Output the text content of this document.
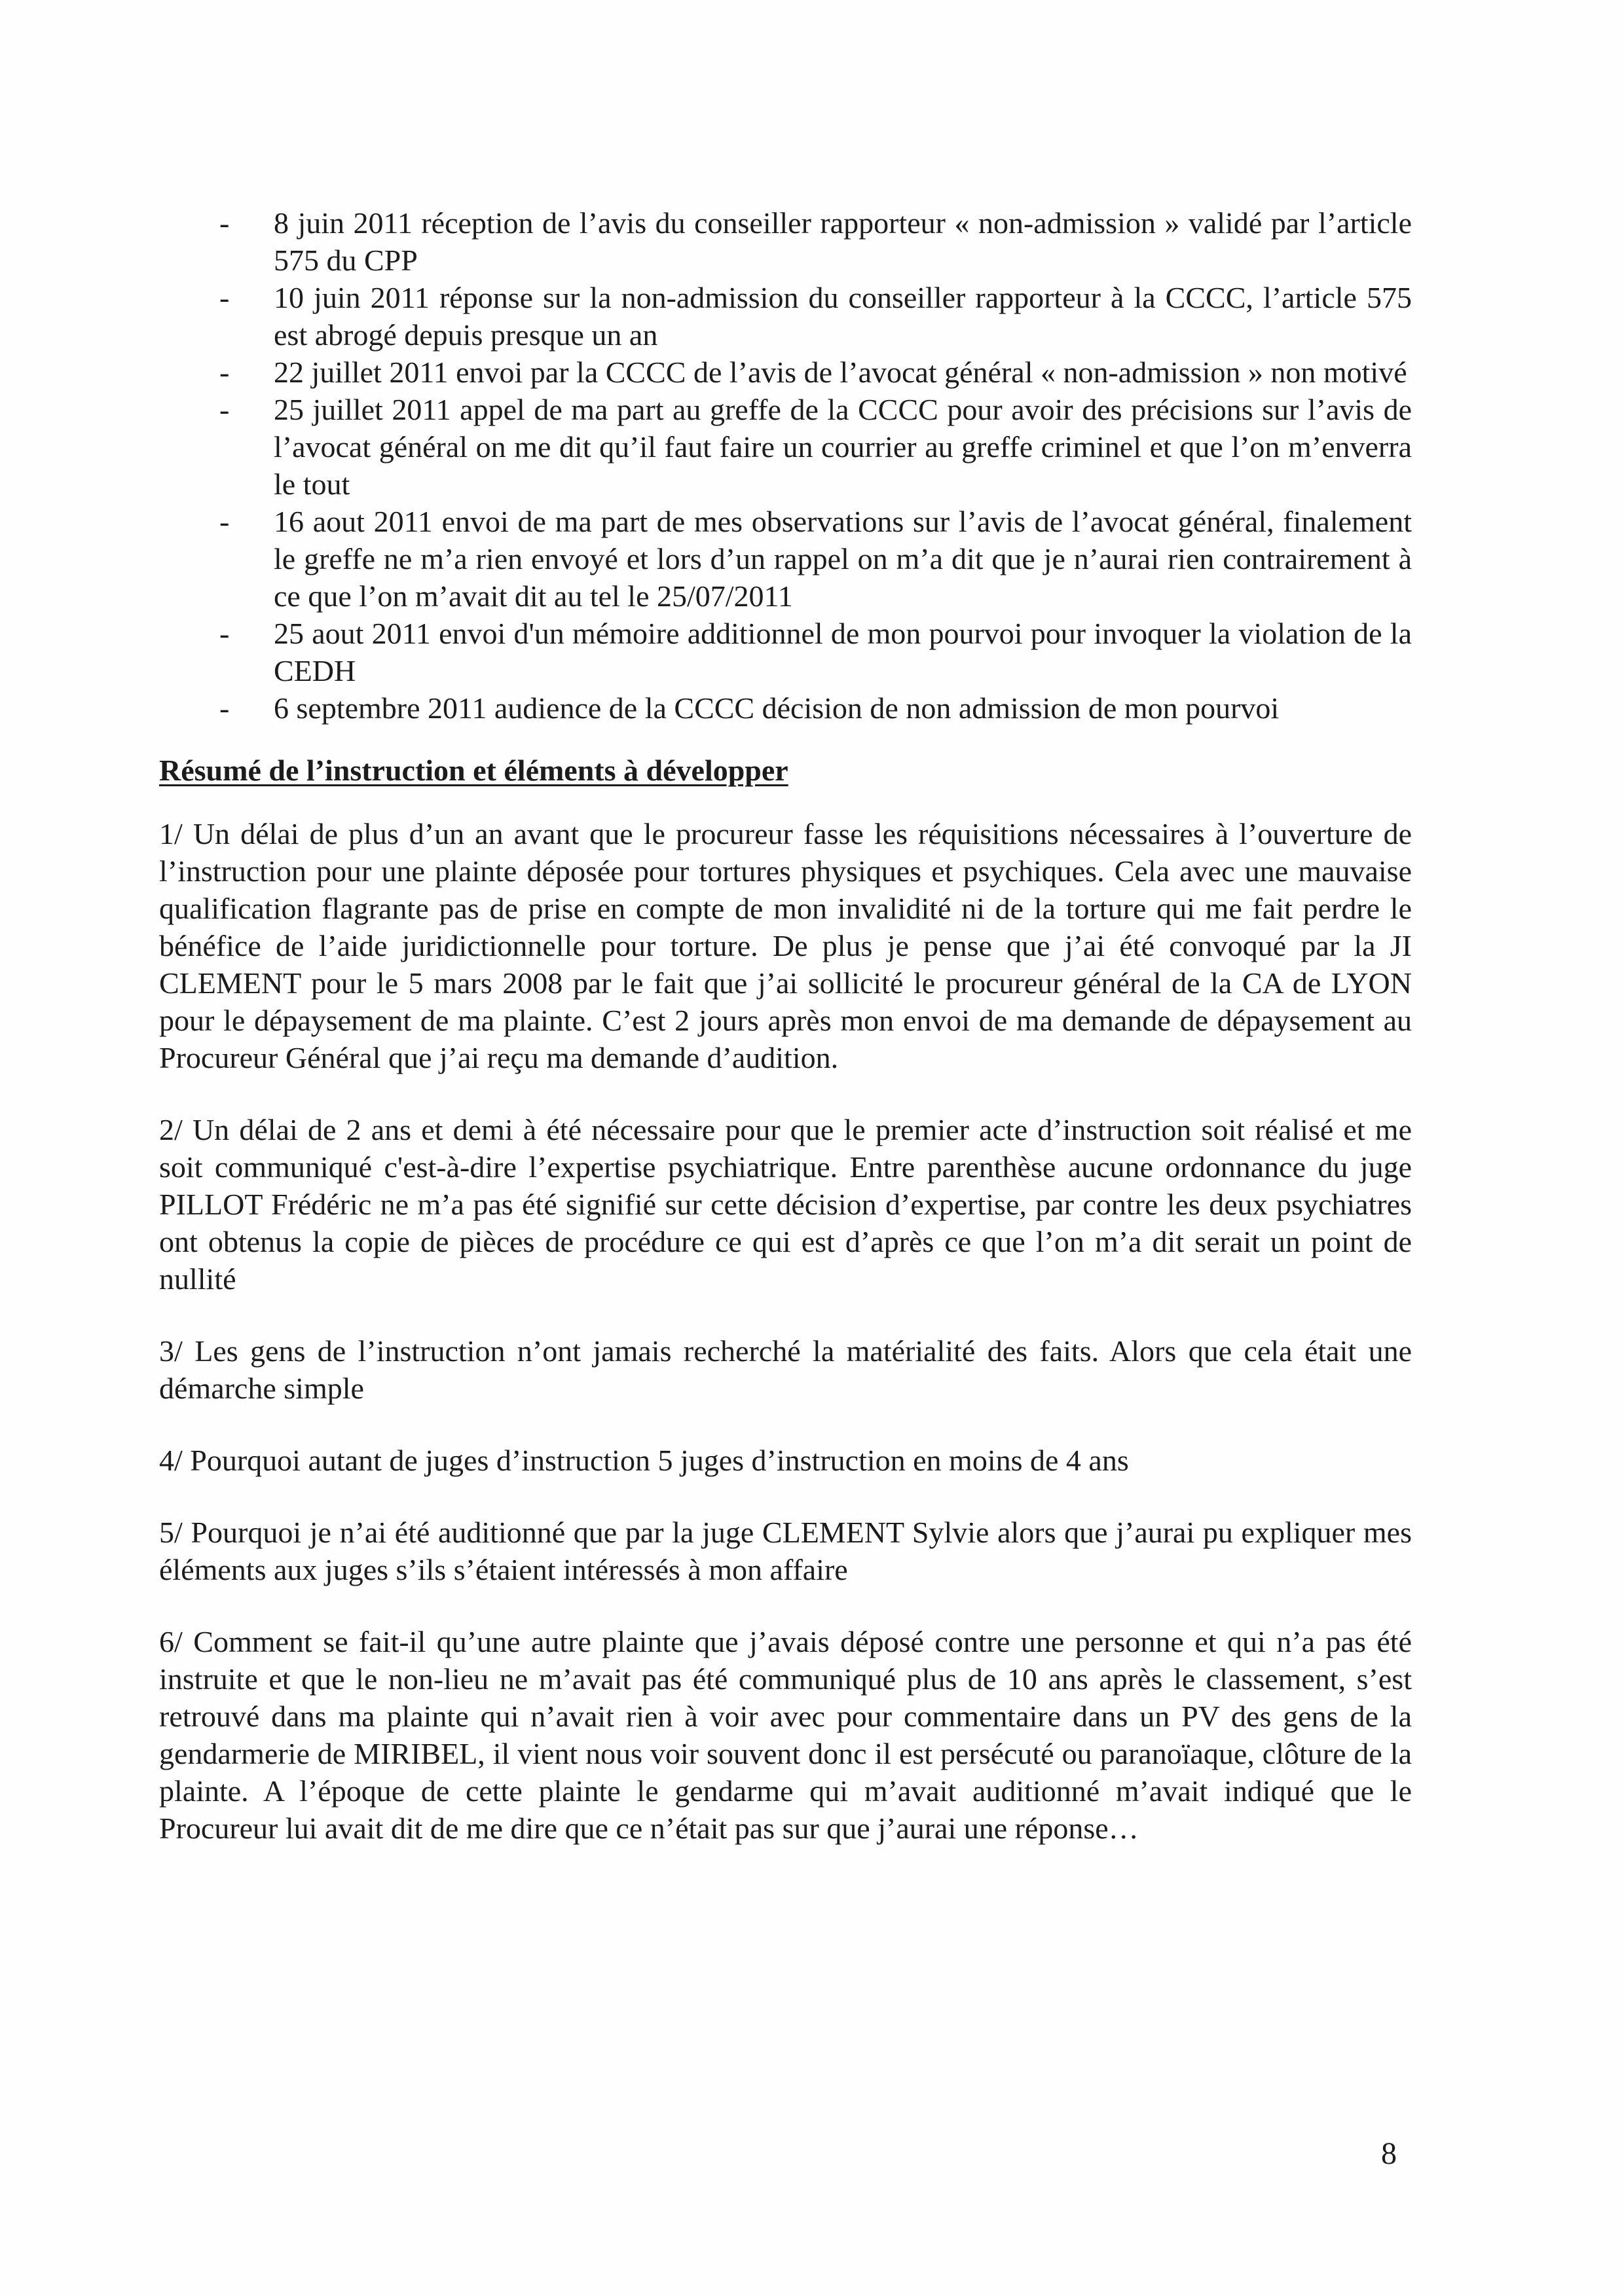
- 8 juin 2011 réception de l’avis du conseiller rapporteur « non-admission » validé par l’article 575 du CPP
- 10 juin 2011 réponse sur la non-admission du conseiller rapporteur à la CCCC, l’article 575 est abrogé depuis presque un an
- 22 juillet 2011 envoi par la CCCC de l’avis de l’avocat général « non-admission » non motivé
- 25 juillet 2011 appel de ma part au greffe de la CCCC pour avoir des précisions sur l’avis de l’avocat général on me dit qu’il faut faire un courrier au greffe criminel et que l’on m’enverra le tout
- 16 aout 2011 envoi de ma part de mes observations sur l’avis de l’avocat général, finalement le greffe ne m’a rien envoyé et lors d’un rappel on m’a dit que je n’aurai rien contrairement à ce que l’on m’avait dit au tel le 25/07/2011
- 25 aout 2011 envoi d'un mémoire additionnel de mon pourvoi pour invoquer la violation de la CEDH
- 6 septembre 2011 audience de la CCCC décision de non admission de mon pourvoi
Résumé de l’instruction et éléments à développer

1/ Un délai de plus d’un an avant que le procureur fasse les réquisitions nécessaires à l’ouverture de l’instruction pour une plainte déposée pour tortures physiques et psychiques. Cela avec une mauvaise qualification flagrante pas de prise en compte de mon invalidité ni de la torture qui me fait perdre le bénéfice de l’aide juridictionnelle pour torture. De plus je pense que j’ai été convoqué par la JI CLEMENT pour le 5 mars 2008 par le fait que j’ai sollicité le procureur général de la CA de LYON pour le dépaysement de ma plainte. C’est 2 jours après mon envoi de ma demande de dépaysement au Procureur Général que j’ai reçu ma demande d’audition.

2/ Un délai de 2 ans et demi à été nécessaire pour que le premier acte d’instruction soit réalisé et me soit communiqué c'est-à-dire l’expertise psychiatrique. Entre parenthèse aucune ordonnance du juge PILLOT Frédéric ne m’a pas été signifié sur cette décision d’expertise, par contre les deux psychiatres ont obtenus la copie de pièces de procédure ce qui est d’après ce que l’on m’a dit serait un point de nullité

3/ Les gens de l’instruction n’ont jamais recherché la matérialité des faits. Alors que cela était une démarche simple

4/ Pourquoi autant de juges d’instruction 5 juges d’instruction en moins de 4 ans

5/ Pourquoi je n’ai été auditionné que par la juge CLEMENT Sylvie alors que j’aurai pu expliquer mes éléments aux juges s’ils s’étaient intéressés à mon affaire

6/ Comment se fait-il qu’une autre plainte que j’avais déposé contre une personne et qui n’a pas été instruite et que le non-lieu ne m’avait pas été communiqué plus de 10 ans après le classement, s’est retrouvé dans ma plainte qui n’avait rien à voir avec pour commentaire dans un PV des gens de la gendarmerie de MIRIBEL, il vient nous voir souvent donc il est persécuté ou paranoïaque, clôture de la plainte. A l’époque de cette plainte le gendarme qui m’avait auditionné m’avait indiqué que le Procureur lui avait dit de me dire que ce n’était pas sur que j’aurai une réponse…

8
